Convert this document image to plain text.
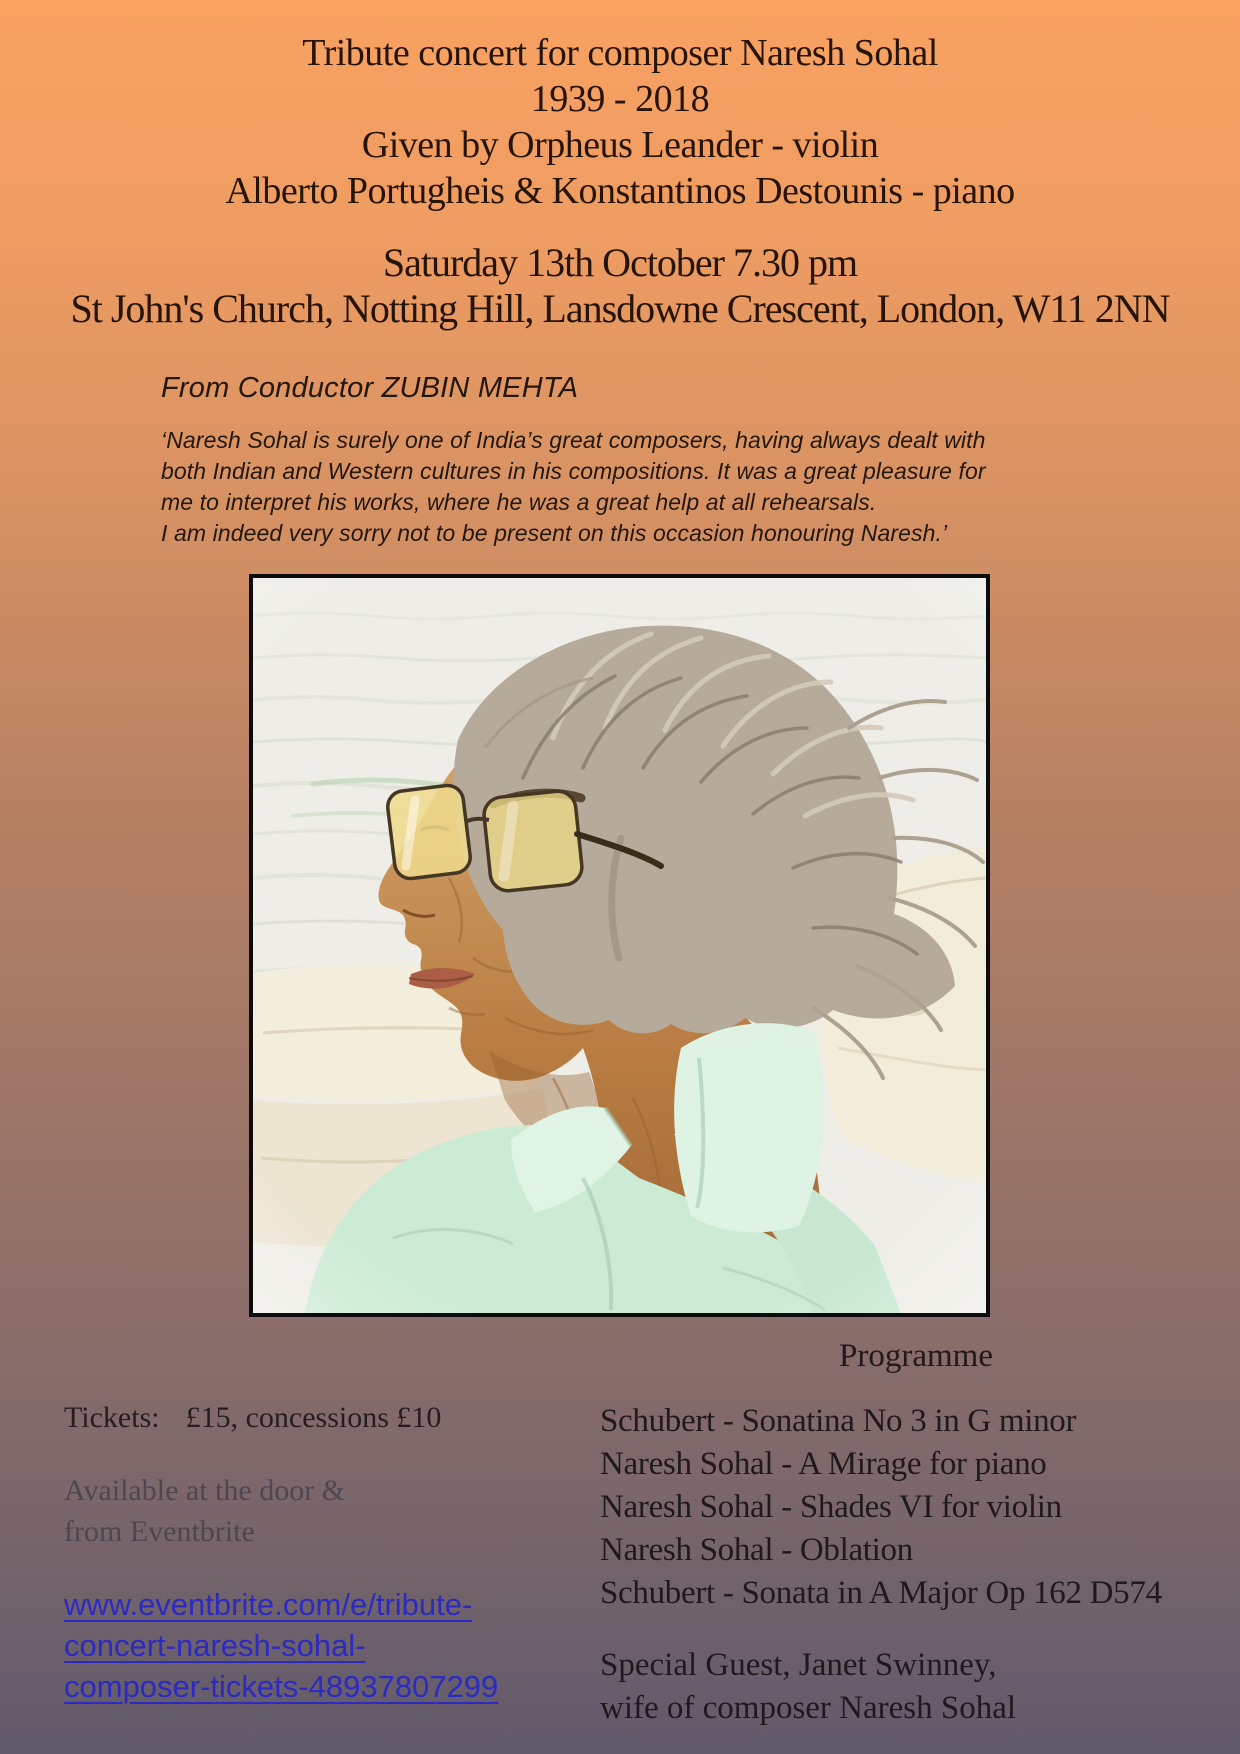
Tribute concert for composer Naresh Sohal
1939 - 2018
Given by Orpheus Leander - violin
Alberto Portugheis & Konstantinos Destounis - piano
Saturday 13th October 7.30 pm
St John's Church, Notting Hill, Lansdowne Crescent, London, W11 2NN
From Conductor ZUBIN MEHTA
‘Naresh Sohal is surely one of India’s great composers, having always dealt with
both Indian and Western cultures in his compositions. It was a great pleasure for
me to interpret his works, where he was a great help at all rehearsals.
I am indeed very sorry not to be present on this occasion honouring Naresh.’
Programme
Tickets: £15, concessions £10
Available at the door &
from Eventbrite
www.eventbrite.com/e/tribute-
concert-naresh-sohal-
composer-tickets-48937807299
Schubert - Sonatina No 3 in G minor
Naresh Sohal - A Mirage for piano
Naresh Sohal - Shades VI for violin
Naresh Sohal - Oblation
Schubert - Sonata in A Major Op 162 D574
Special Guest, Janet Swinney,
wife of composer Naresh Sohal
